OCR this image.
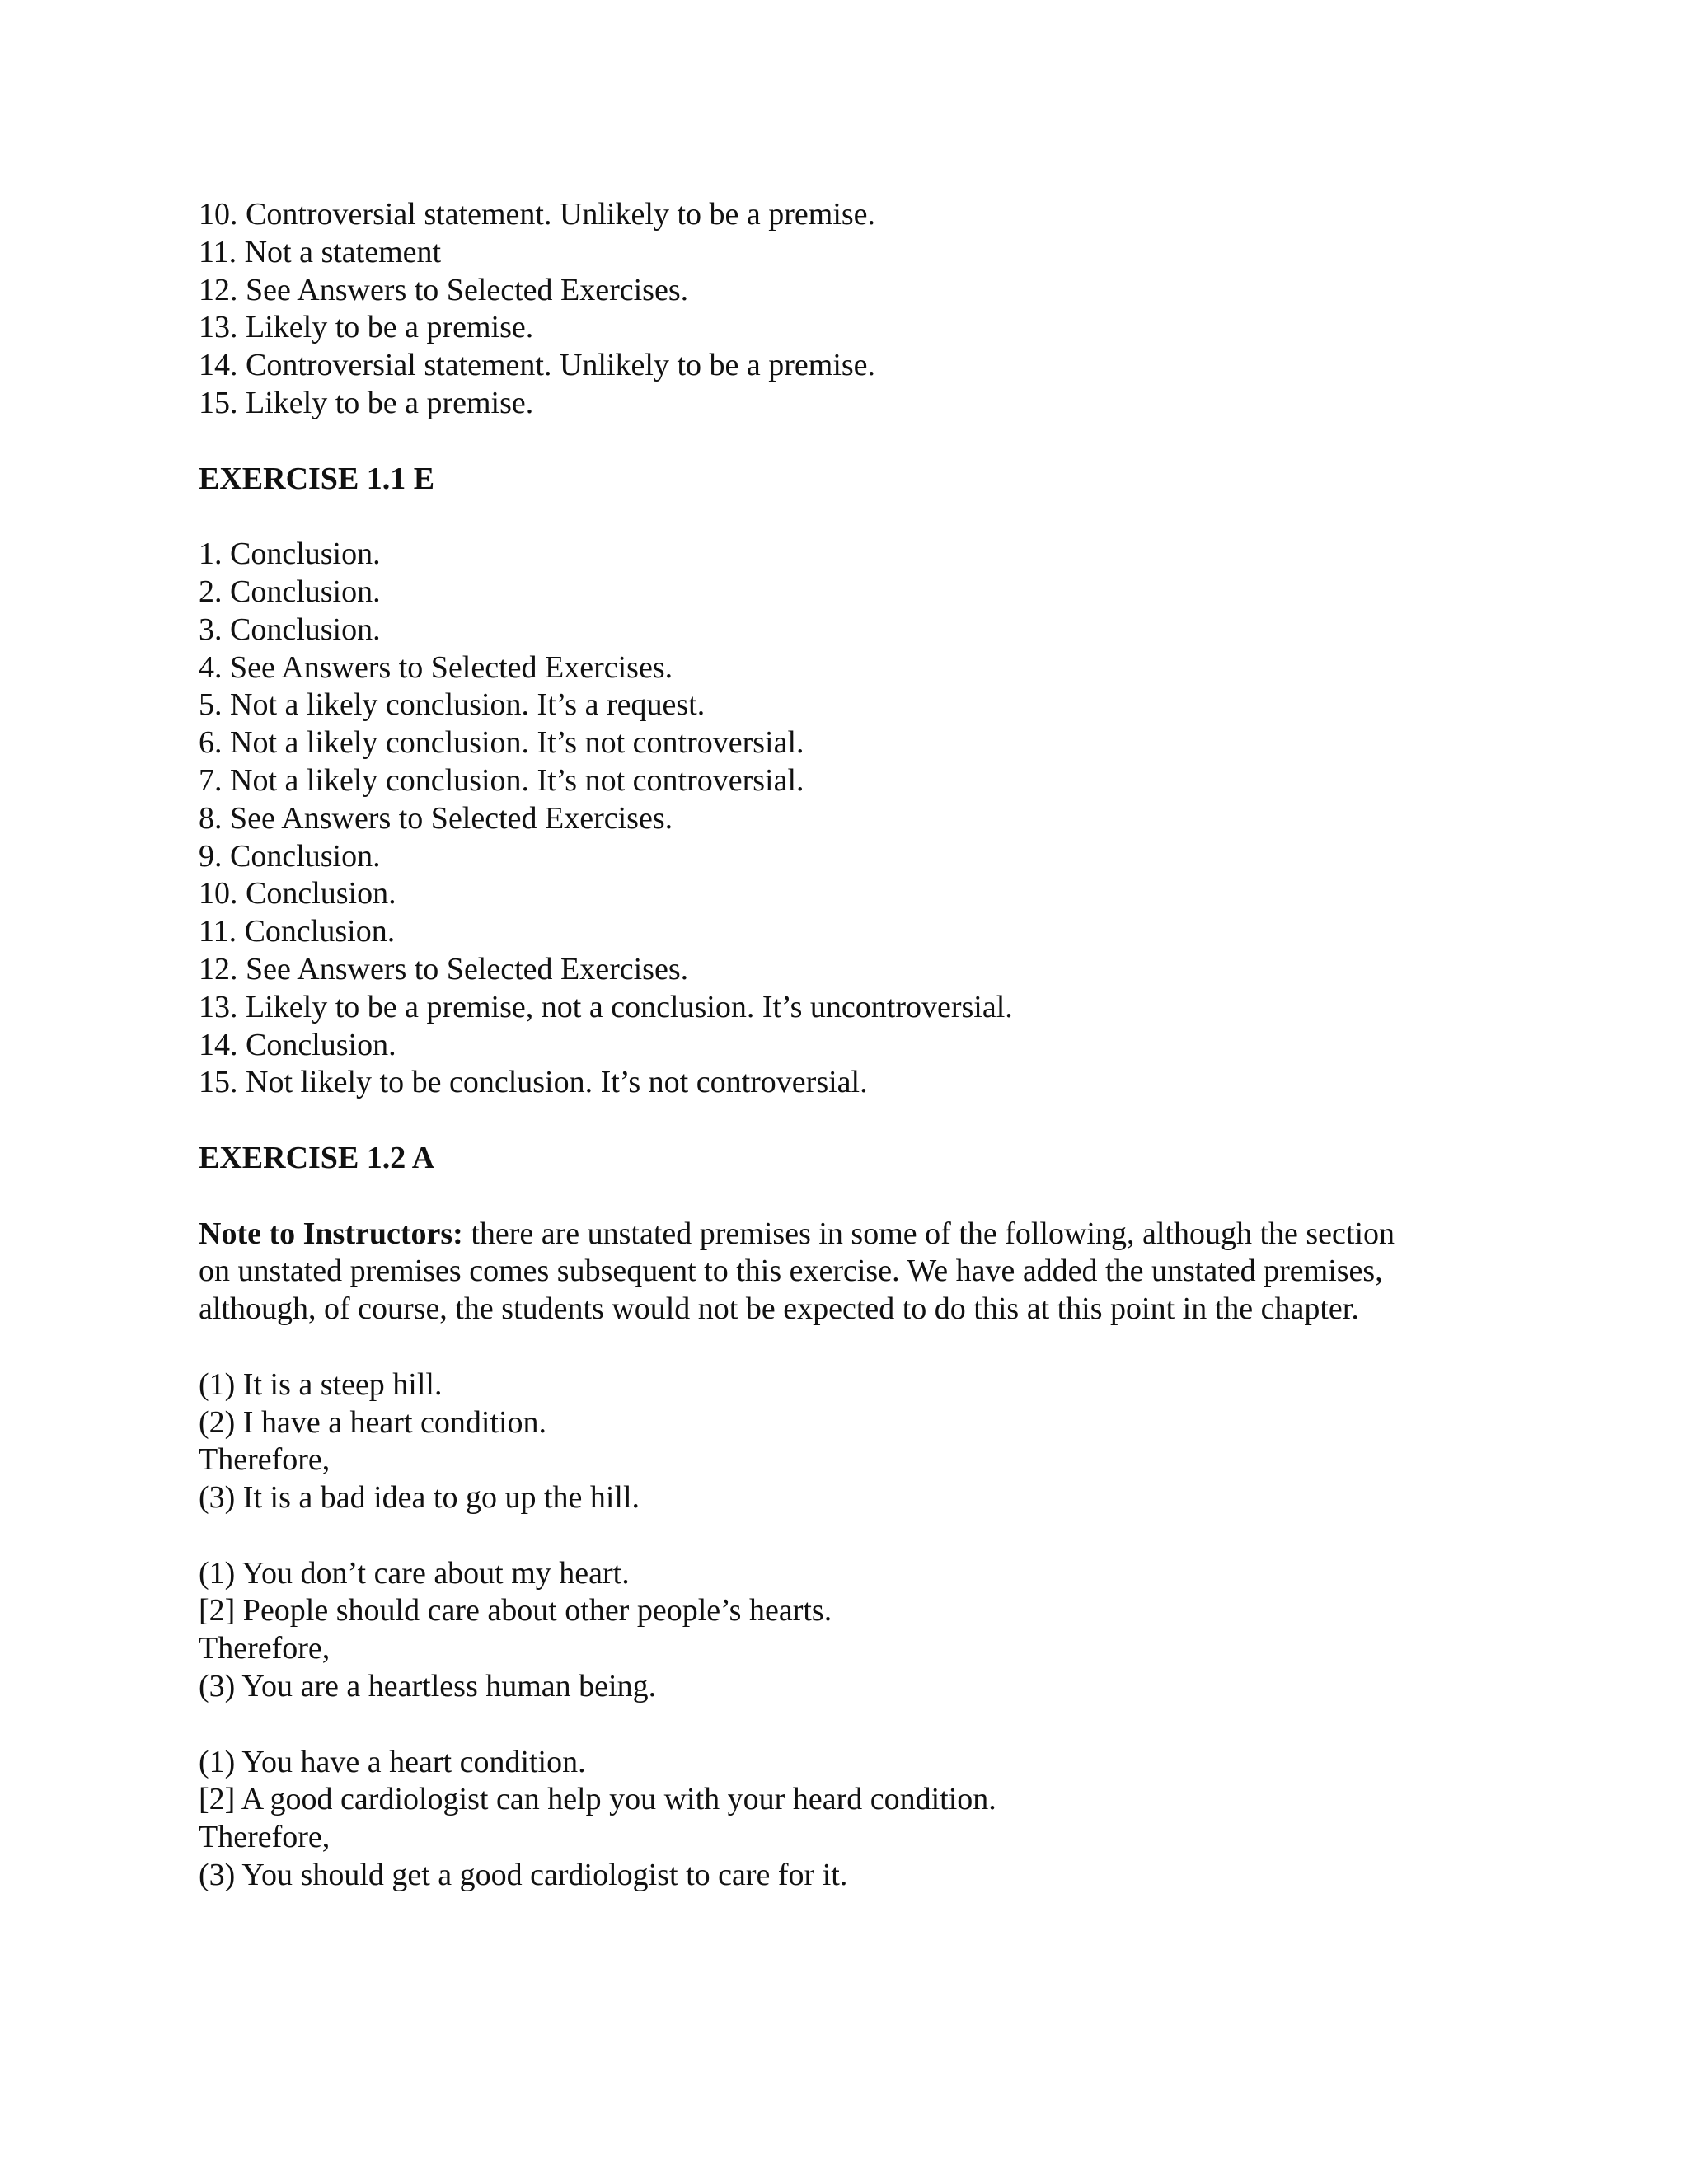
10. Controversial statement. Unlikely to be a premise.
11. Not a statement
12. See Answers to Selected Exercises.
13. Likely to be a premise.
14. Controversial statement. Unlikely to be a premise.
15. Likely to be a premise.
EXERCISE 1.1 E
1. Conclusion.
2. Conclusion.
3. Conclusion.
4. See Answers to Selected Exercises.
5. Not a likely conclusion. It’s a request.
6. Not a likely conclusion. It’s not controversial.
7. Not a likely conclusion. It’s not controversial.
8. See Answers to Selected Exercises.
9. Conclusion.
10. Conclusion.
11. Conclusion.
12. See Answers to Selected Exercises.
13. Likely to be a premise, not a conclusion. It’s uncontroversial.
14. Conclusion.
15. Not likely to be conclusion. It’s not controversial.
EXERCISE 1.2 A
Note to Instructors: there are unstated premises in some of the following, although the section
on unstated premises comes subsequent to this exercise. We have added the unstated premises,
although, of course, the students would not be expected to do this at this point in the chapter.
(1) It is a steep hill.
(2) I have a heart condition.
Therefore,
(3) It is a bad idea to go up the hill.
(1) You don’t care about my heart.
[2] People should care about other people’s hearts.
Therefore,
(3) You are a heartless human being.
(1) You have a heart condition.
[2] A good cardiologist can help you with your heard condition.
Therefore,
(3) You should get a good cardiologist to care for it.
